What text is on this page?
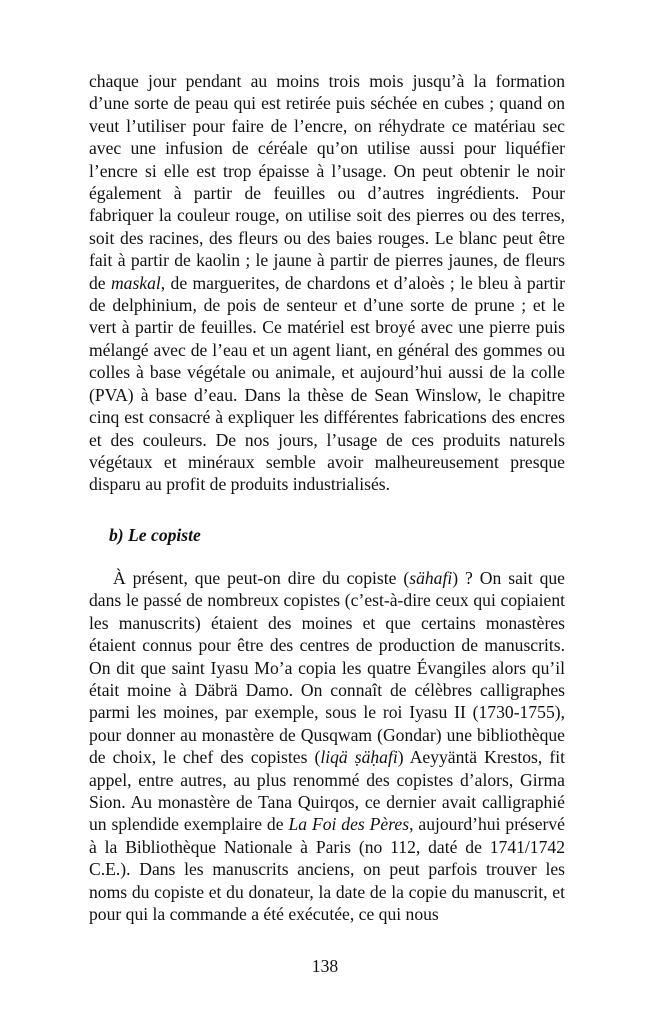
chaque jour pendant au moins trois mois jusqu’à la formation d’une sorte de peau qui est retirée puis séchée en cubes ; quand on veut l’utiliser pour faire de l’encre, on réhydrate ce matériau sec avec une infusion de céréale qu’on utilise aussi pour liquéfier l’encre si elle est trop épaisse à l’usage. On peut obtenir le noir également à partir de feuilles ou d’autres ingrédients. Pour fabriquer la couleur rouge, on utilise soit des pierres ou des terres, soit des racines, des fleurs ou des baies rouges. Le blanc peut être fait à partir de kaolin ; le jaune à partir de pierres jaunes, de fleurs de maskal, de marguerites, de chardons et d’aloès ; le bleu à partir de delphinium, de pois de senteur et d’une sorte de prune ; et le vert à partir de feuilles. Ce matériel est broyé avec une pierre puis mélangé avec de l’eau et un agent liant, en général des gommes ou colles à base végétale ou animale, et aujourd’hui aussi de la colle (PVA) à base d’eau. Dans la thèse de Sean Winslow, le chapitre cinq est consacré à expliquer les différentes fabrications des encres et des couleurs. De nos jours, l’usage de ces produits naturels végétaux et minéraux semble avoir malheureusement presque disparu au profit de produits industrialisés.

b) Le copiste

À présent, que peut-on dire du copiste (sähafi) ? On sait que dans le passé de nombreux copistes (c’est-à-dire ceux qui copiaient les manuscrits) étaient des moines et que certains monastères étaient connus pour être des centres de production de manuscrits. On dit que saint Iyasu Mo’a copia les quatre Évangiles alors qu’il était moine à Däbrä Damo. On connaît de célèbres calligraphes parmi les moines, par exemple, sous le roi Iyasu II (1730-1755), pour donner au monastère de Qusqwam (Gondar) une bibliothèque de choix, le chef des copistes (liqä ṣäḥafi) Aeyyäntä Krestos, fit appel, entre autres, au plus renommé des copistes d’alors, Girma Sion. Au monastère de Tana Quirqos, ce dernier avait calligraphié un splendide exemplaire de La Foi des Pères, aujourd’hui préservé à la Bibliothèque Nationale à Paris (no 112, daté de 1741/1742 C.E.). Dans les manuscrits anciens, on peut parfois trouver les noms du copiste et du donateur, la date de la copie du manuscrit, et pour qui la commande a été exécutée, ce qui nous

138
